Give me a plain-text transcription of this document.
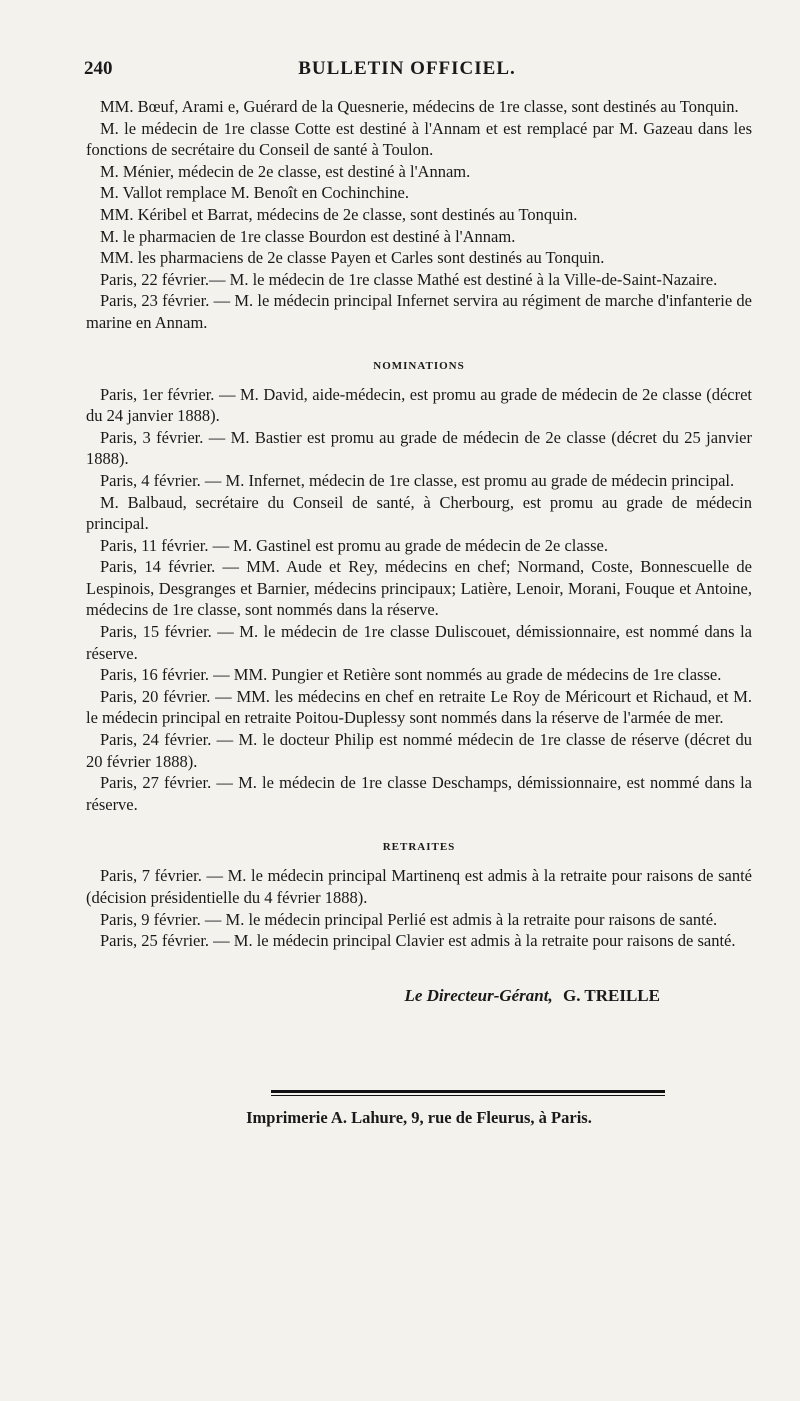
240	BULLETIN OFFICIEL.

MM. Bœuf, Arami e, Guérard de la Quesnerie, médecins de 1re classe, sont destinés au Tonquin.

M. le médecin de 1re classe Cotte est destiné à l'Annam et est remplacé par M. Gazeau dans les fonctions de secrétaire du Conseil de santé à Toulon.

M. Ménier, médecin de 2e classe, est destiné à l'Annam.

M. Vallot remplace M. Benoît en Cochinchine.

MM. Kéribel et Barrat, médecins de 2e classe, sont destinés au Tonquin.

M. le pharmacien de 1re classe Bourdon est destiné à l'Annam.

MM. les pharmaciens de 2e classe Payen et Carles sont destinés au Tonquin.

Paris, 22 février.— M. le médecin de 1re classe Mathé est destiné à la Ville-de-Saint-Nazaire.

Paris, 23 février. — M. le médecin principal Infernet servira au régiment de marche d'infanterie de marine en Annam.

NOMINATIONS

Paris, 1er février. — M. David, aide-médecin, est promu au grade de médecin de 2e classe (décret du 24 janvier 1888).

Paris, 3 février. — M. Bastier est promu au grade de médecin de 2e classe (décret du 25 janvier 1888).

Paris, 4 février. — M. Infernet, médecin de 1re classe, est promu au grade de médecin principal.

M. Balbaud, secrétaire du Conseil de santé, à Cherbourg, est promu au grade de médecin principal.

Paris, 11 février. — M. Gastinel est promu au grade de médecin de 2e classe.

Paris, 14 février. — MM. Aude et Rey, médecins en chef; Normand, Coste, Bonnescuelle de Lespinois, Desgranges et Barnier, médecins principaux; Latière, Lenoir, Morani, Fouque et Antoine, médecins de 1re classe, sont nommés dans la réserve.

Paris, 15 février. — M. le médecin de 1re classe Duliscouet, démissionnaire, est nommé dans la réserve.

Paris, 16 février. — MM. Pungier et Retière sont nommés au grade de médecins de 1re classe.

Paris, 20 février. — MM. les médecins en chef en retraite Le Roy de Méricourt et Richaud, et M. le médecin principal en retraite Poitou-Duplessy sont nommés dans la réserve de l'armée de mer.

Paris, 24 février. — M. le docteur Philip est nommé médecin de 1re classe de réserve (décret du 20 février 1888).

Paris, 27 février. — M. le médecin de 1re classe Deschamps, démissionnaire, est nommé dans la réserve.

RETRAITES

Paris, 7 février. — M. le médecin principal Martinenq est admis à la retraite pour raisons de santé (décision présidentielle du 4 février 1888).

Paris, 9 février. — M. le médecin principal Perlié est admis à la retraite pour raisons de santé.

Paris, 25 février. — M. le médecin principal Clavier est admis à la retraite pour raisons de santé.

Le Directeur-Gérant, G. TREILLE
Imprimerie A. Lahure, 9, rue de Fleurus, à Paris.
